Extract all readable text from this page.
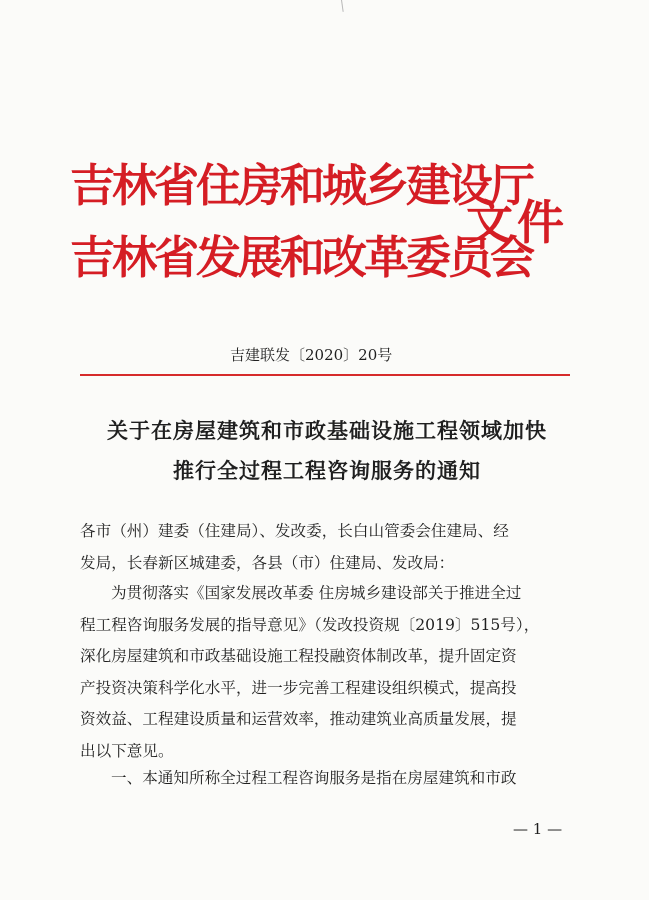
吉林省住房和城乡建设厅
吉林省发展和改革委员会
文件
吉建联发〔2020〕20号
关于在房屋建筑和市政基础设施工程领域加快
推行全过程工程咨询服务的通知
各市（州）建委（住建局）、发改委，长白山管委会住建局、经
发局，长春新区城建委，各县（市）住建局、发改局：
为贯彻落实《国家发展改革委 住房城乡建设部关于推进全过
程工程咨询服务发展的指导意见》（发改投资规〔2019〕515号），
深化房屋建筑和市政基础设施工程投融资体制改革，提升固定资
产投资决策科学化水平，进一步完善工程建设组织模式，提高投
资效益、工程建设质量和运营效率，推动建筑业高质量发展，提
出以下意见。
一、本通知所称全过程工程咨询服务是指在房屋建筑和市政
— 1 —
